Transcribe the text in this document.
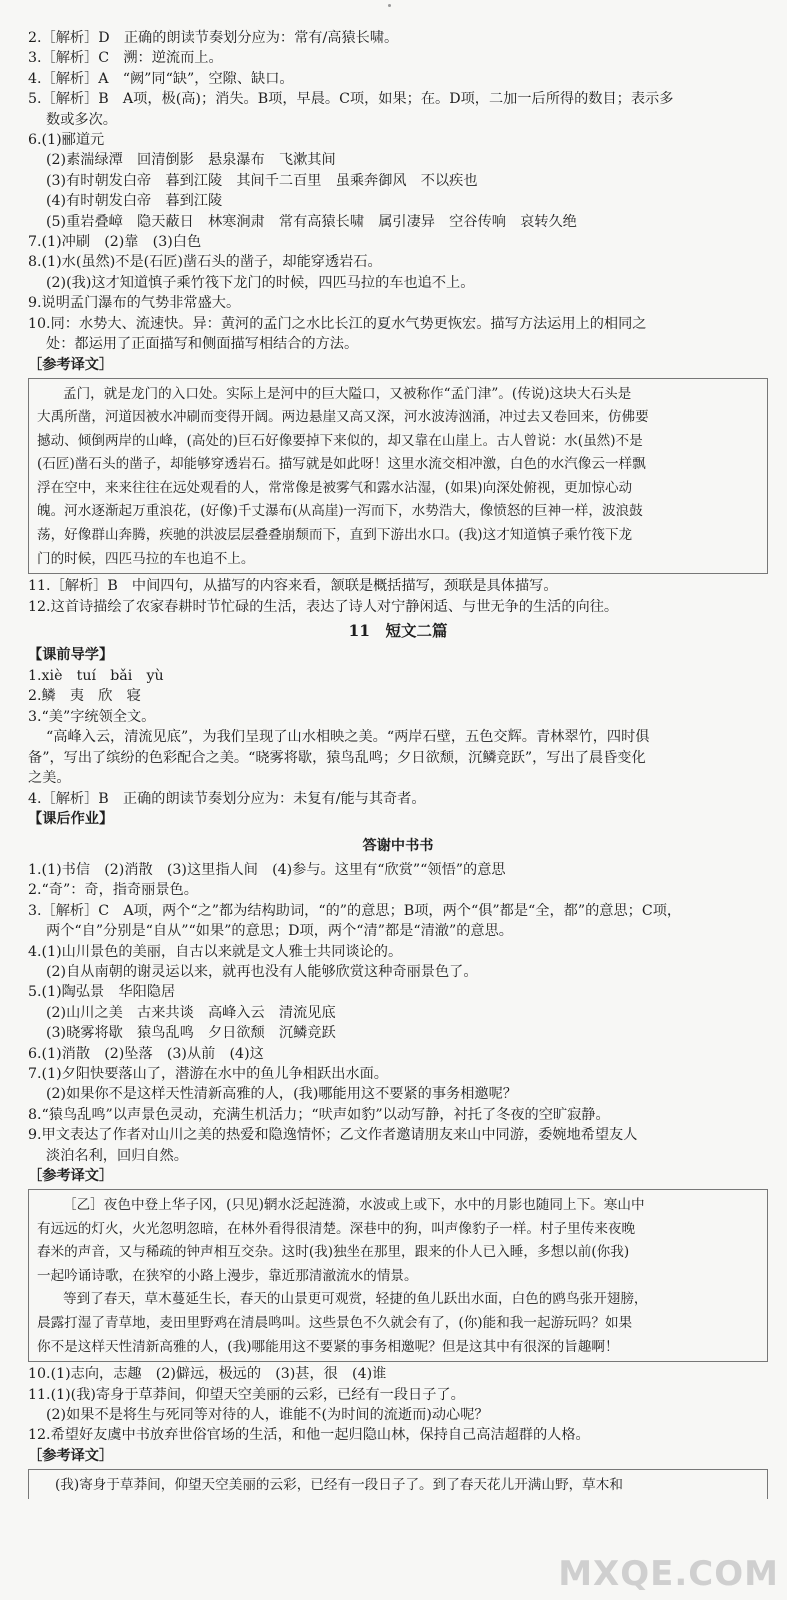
2.［解析］D　正确的朗读节奏划分应为：常有/高猿长啸。
3.［解析］C　溯：逆流而上。
4.［解析］A　“阙”同“缺”，空隙、缺口。
5.［解析］B　A项，极(高)；消失。B项，早晨。C项，如果；在。D项，二加一后所得的数目；表示多
数或多次。
6.(1)郦道元
(2)素湍绿潭　回清倒影　悬泉瀑布　飞漱其间
(3)有时朝发白帝　暮到江陵　其间千二百里　虽乘奔御风　不以疾也
(4)有时朝发白帝　暮到江陵
(5)重岩叠嶂　隐天蔽日　林寒涧肃　常有高猿长啸　属引凄异　空谷传响　哀转久绝
7.(1)冲刷　(2)靠　(3)白色
8.(1)水(虽然)不是(石匠)凿石头的凿子，却能穿透岩石。
(2)(我)这才知道慎子乘竹筏下龙门的时候，四匹马拉的车也追不上。
9.说明孟门瀑布的气势非常盛大。
10.同：水势大、流速快。异：黄河的孟门之水比长江的夏水气势更恢宏。描写方法运用上的相同之
处：都运用了正面描写和侧面描写相结合的方法。
［参考译文］
孟门，就是龙门的入口处。实际上是河中的巨大隘口，又被称作“孟门津”。(传说)这块大石头是
大禹所凿，河道因被水冲刷而变得开阔。两边悬崖又高又深，河水波涛汹涌，冲过去又卷回来，仿佛要
撼动、倾倒两岸的山峰，(高处的)巨石好像要掉下来似的，却又靠在山崖上。古人曾说：水(虽然)不是
(石匠)凿石头的凿子，却能够穿透岩石。描写就是如此呀！这里水流交相冲激，白色的水汽像云一样飘
浮在空中，来来往往在远处观看的人，常常像是被雾气和露水沾湿，(如果)向深处俯视，更加惊心动
魄。河水逐渐起万重浪花，(好像)千丈瀑布(从高崖)一泻而下，水势浩大，像愤怒的巨神一样，波浪鼓
荡，好像群山奔腾，疾驰的洪波层层叠叠崩颓而下，直到下游出水口。(我)这才知道慎子乘竹筏下龙
门的时候，四匹马拉的车也追不上。
11.［解析］B　中间四句，从描写的内容来看，颔联是概括描写，颈联是具体描写。
12.这首诗描绘了农家春耕时节忙碌的生活，表达了诗人对宁静闲适、与世无争的生活的向往。
11　短文二篇
【课前导学】
1.xiè　tuí　bǎi　yù
2.鳞　夷　欣　寝
3.“美”字统领全文。
“高峰入云，清流见底”，为我们呈现了山水相映之美。“两岸石壁，五色交辉。青林翠竹，四时俱
备”，写出了缤纷的色彩配合之美。“晓雾将歇，猿鸟乱鸣；夕日欲颓，沉鳞竞跃”，写出了晨昏变化
之美。
4.［解析］B　正确的朗读节奏划分应为：未复有/能与其奇者。
【课后作业】
答谢中书书
1.(1)书信　(2)消散　(3)这里指人间　(4)参与。这里有“欣赏”“领悟”的意思
2.“奇”：奇，指奇丽景色。
3.［解析］C　A项，两个“之”都为结构助词，“的”的意思；B项，两个“俱”都是“全，都”的意思；C项，
两个“自”分别是“自从”“如果”的意思；D项，两个“清”都是“清澈”的意思。
4.(1)山川景色的美丽，自古以来就是文人雅士共同谈论的。
(2)自从南朝的谢灵运以来，就再也没有人能够欣赏这种奇丽景色了。
5.(1)陶弘景　华阳隐居
(2)山川之美　古来共谈　高峰入云　清流见底
(3)晓雾将歇　猿鸟乱鸣　夕日欲颓　沉鳞竞跃
6.(1)消散　(2)坠落　(3)从前　(4)这
7.(1)夕阳快要落山了，潜游在水中的鱼儿争相跃出水面。
(2)如果你不是这样天性清新高雅的人，(我)哪能用这不要紧的事务相邀呢？
8.“猿鸟乱鸣”以声景色灵动，充满生机活力；“吠声如豹”以动写静，衬托了冬夜的空旷寂静。
9.甲文表达了作者对山川之美的热爱和隐逸情怀；乙文作者邀请朋友来山中同游，委婉地希望友人
淡泊名利，回归自然。
［参考译文］
［乙］夜色中登上华子冈，(只见)辋水泛起涟漪，水波或上或下，水中的月影也随同上下。寒山中
有远远的灯火，火光忽明忽暗，在林外看得很清楚。深巷中的狗，叫声像豹子一样。村子里传来夜晚
舂米的声音，又与稀疏的钟声相互交杂。这时(我)独坐在那里，跟来的仆人已入睡，多想以前(你我)
一起吟诵诗歌，在狭窄的小路上漫步，靠近那清澈流水的情景。
等到了春天，草木蔓延生长，春天的山景更可观赏，轻捷的鱼儿跃出水面，白色的鸥鸟张开翅膀，
晨露打湿了青草地，麦田里野鸡在清晨鸣叫。这些景色不久就会有了，(你)能和我一起游玩吗？如果
你不是这样天性清新高雅的人，(我)哪能用这不要紧的事务相邀呢？但是这其中有很深的旨趣啊！
10.(1)志向，志趣　(2)僻远，极远的　(3)甚，很　(4)谁
11.(1)(我)寄身于草莽间，仰望天空美丽的云彩，已经有一段日子了。
(2)如果不是将生与死同等对待的人，谁能不(为时间的流逝而)动心呢？
12.希望好友虞中书放弃世俗官场的生活，和他一起归隐山林，保持自己高洁超群的人格。
［参考译文］
(我)寄身于草莽间，仰望天空美丽的云彩，已经有一段日子了。到了春天花儿开满山野，草木和
MXQE.COM
